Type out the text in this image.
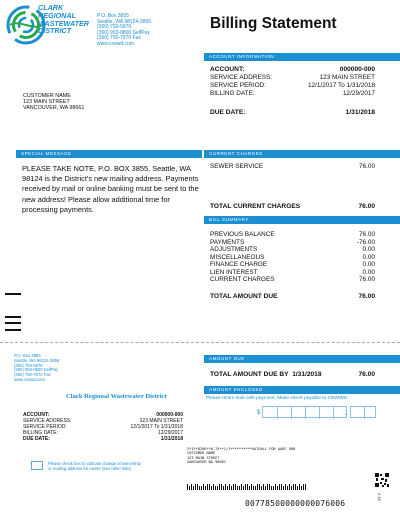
CLARK
REGIONAL
WASTEWATER
DISTRICT
P.O. Box 3855
Seattle, WA 98124-3855
(360) 750-5876
(360) 993-8800 SelfPay
(360) 750-7570 Fax
www.crwwd.com
Billing Statement
ACCOUNT INFORMATION
ACCOUNT:	000000-000
SERVICE ADDRESS:	123 MAIN STREET
SERVICE PERIOD:	12/1/2017 To 1/31/2018
BILLING DATE:	12/29/2017
DUE DATE:	1/31/2018
CUSTOMER NAME
123 MAIN STREET
VANCOUVER, WA 98661
SPECIAL MESSAGE
PLEASE TAKE NOTE, P.O. BOX 3855, Seattle, WA 98124 is the District's new mailing address. Payments received by mail or online banking must be sent to the new address! Please allow additional time for processing payments.
CURRENT CHARGES
SEWER SERVICE	76.00
TOTAL CURRENT CHARGES	76.00
BILL SUMMARY
PREVIOUS BALANCE	76.00
PAYMENTS	-76.00
ADJUSTMENTS	0.00
MISCELLANEOUS	0.00
FINANCE CHARGE	0.00
LIEN INTEREST	0.00
CURRENT CHARGES	76.00
TOTAL AMOUNT DUE	76.00
P.O. Box 3855
Seattle, WA 98124-3855
(360) 750-5876
(360) 993-8800 SelfPay
(360) 750-7570 Fax
www.crwwd.com
Clark Regional Wastewater District
AMOUNT DUE
TOTAL AMOUNT DUE BY 1/31/2018	76.00
AMOUNT ENCLOSED
Please return stub with payment. Make check payable to CRWWD
$	.
ACCOUNT:	000000-000
SERVICE ADDRESS:	123 MAIN STREET
SERVICE PERIOD:	12/1/2017 To 1/31/2018
BILLING DATE:	12/29/2017
DUE DATE:	1/31/2018
Please check box to indicate change of ownership
or mailing address for owner (see other side)
2*1**8206**0.74**1/1**********AUTOALL FOR AADC 980
CUSTOMER NAME
123 MAIN STREET
VANCOUVER WA 98661
2 15
00778500000000076006
